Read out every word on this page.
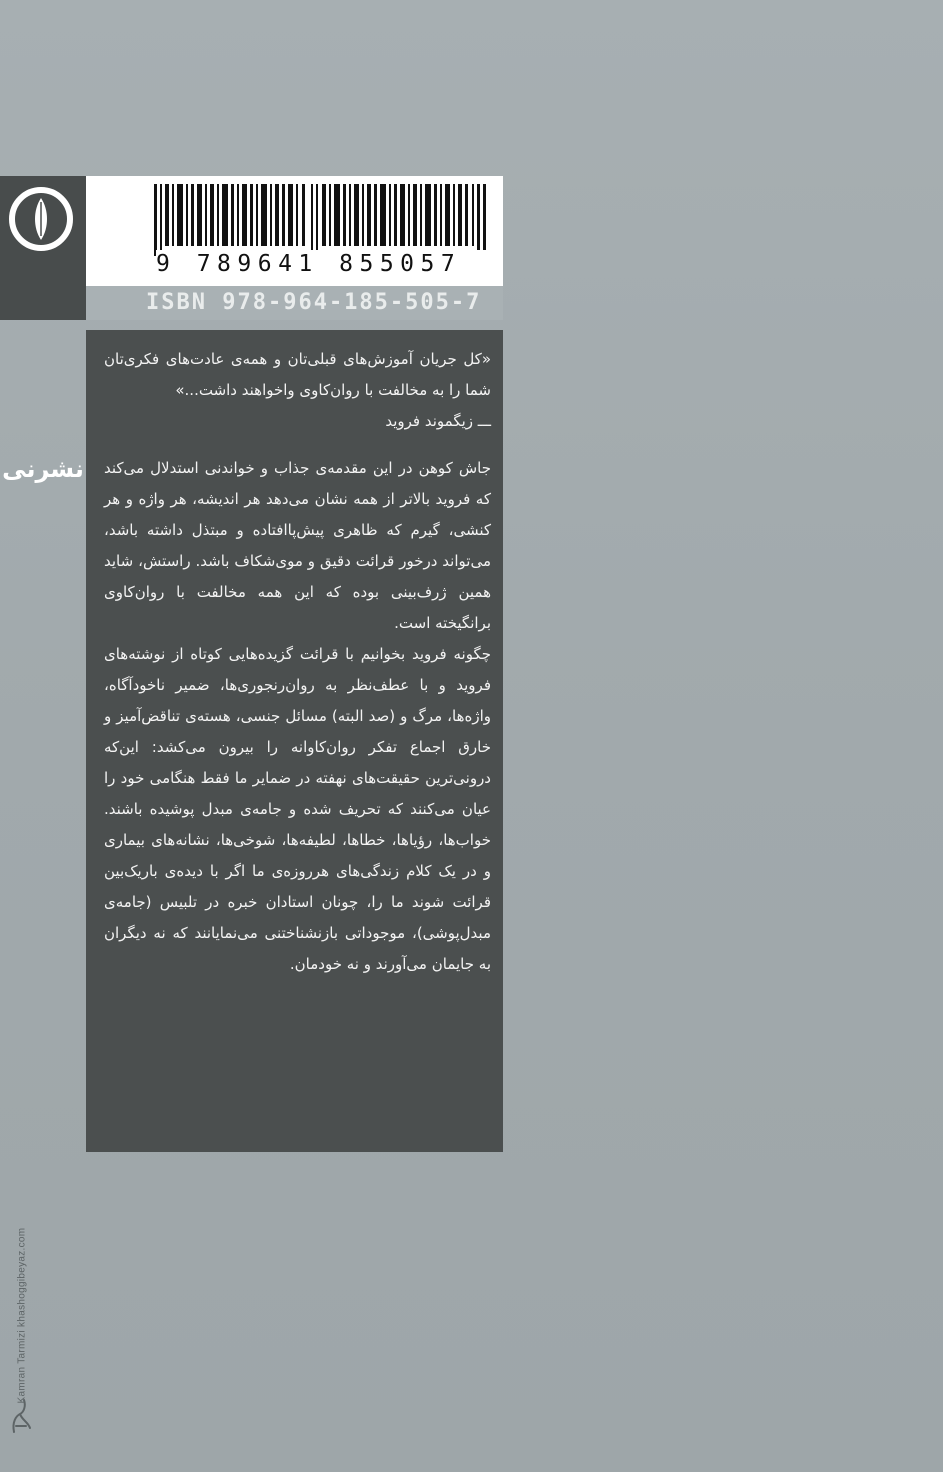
نشرنی
9 789641 855057
ISBN 978-964-185-505-7

«کل جریان آموزش‌های قبلی‌تان و همه‌ی عادت‌های فکری‌تان شما را به مخالفت با روان‌کاوی وا‌خواهند داشت...»

ـــ زیگموند فروید

جاش کوهن در این مقدمه‌ی جذاب و خواندنی استدلال می‌کند که فروید بالاتر از همه نشان می‌دهد هر اندیشه، هر واژه و هر کنشی، گیرم که ظاهری پیش‌پاافتاده و مبتذل داشته باشد، می‌تواند درخور قرائت دقیق و موی‌شکاف باشد. راستش، شاید همین ژرف‌بینی بوده که این همه مخالفت با روان‌کاوی برانگیخته است.

چگونه فروید بخوانیم با قرائت گزیده‌هایی کوتاه از نوشته‌های فروید و با عطف‌نظر به روان‌رنجوری‌ها، ضمیر ناخودآگاه، واژه‌ها، مرگ و (صد البته) مسائل جنسی، هسته‌ی تناقض‌آمیز و خارق اجماع تفکر روان‌کاوانه را بیرون می‌کشد: این‌که درونی‌ترین حقیقت‌های نهفته در ضمایر ما فقط هنگامی خود را عیان می‌کنند که تحریف شده و جامه‌ی مبدل پوشیده باشند. خواب‌ها، رؤیاها، خطاها، لطیفه‌ها، شوخی‌ها، نشانه‌های بیماری و در یک کلام زندگی‌های هرروزه‌ی ما اگر با دیده‌ی باریک‌بین قرائت شوند ما را، چونان استادان خبره در تلبیس (جامه‌ی مبدل‌پوشی)، موجوداتی بازنشناختنی می‌نمایانند که نه دیگران به جایمان می‌آورند و نه خودمان.

Kamran Tarmizi khashoggibeyaz.com
